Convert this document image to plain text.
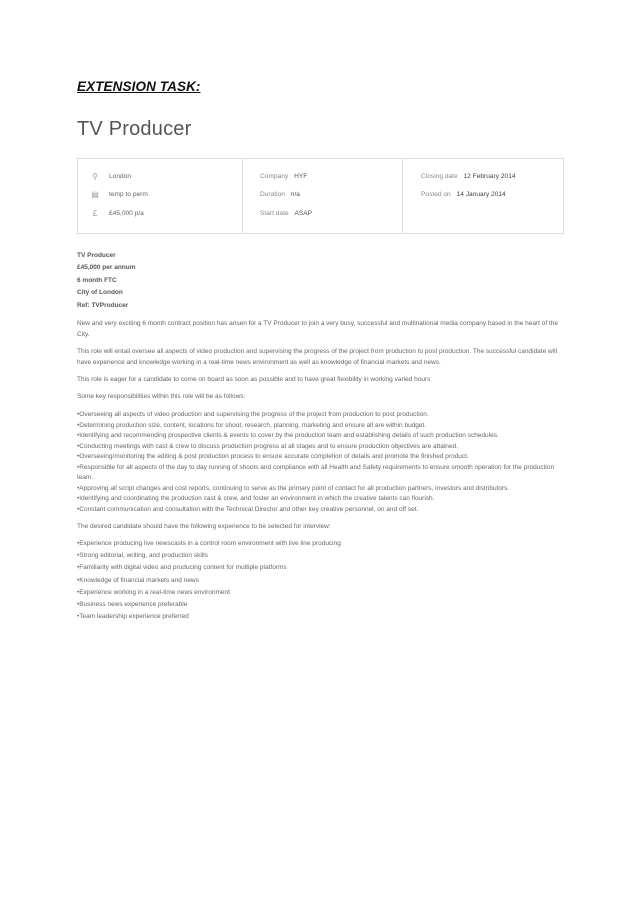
EXTENSION TASK:
TV Producer
⚲	London
▤ temp to perm
£	£45,000 p/a
Company HYF
Duration n/a
Start date ASAP
Closing date 12 February 2014
Posted on 14 January 2014
TV Producer
£45,000 per annum
6 month FTC
City of London
Ref: TVProducer
New and very exciting 6 month contract position has arisen for a TV Producer to join a very busy, successful and multinational media company based in the heart of the City.
This role will entail oversee all aspects of video production and supervising the progress of the project from production to post production. The successful candidate will have experience and knowledge working in a real-time news environment as well as knowledge of financial markets and news.
This role is eager for a candidate to come on board as soon as possible and to have great flexibility in working varied hours
Some key responsibilities within this role will be as follows:
•Overseeing all aspects of video production and supervising the progress of the project from production to post production.
•Determining production size, content, locations for shoot, research, planning, marketing and ensure all are within budget.
•Identifying and recommending prospective clients & events to cover by the production team and establishing details of such production schedules.
•Conducting meetings with cast & crew to discuss production progress at all stages and to ensure production objectives are attained.
•Overseeing/monitoring the editing & post production process to ensure accurate completion of details and promote the finished product.
•Responsible for all aspects of the day to day running of shoots and compliance with all Health and Safety requirements to ensure smooth operation for the production team.
•Approving all script changes and cost reports, continuing to serve as the primary point of contact for all production partners, investors and distributors.
•Identifying and coordinating the production cast & crew, and foster an environment in which the creative talents can flourish.
•Constant communication and consultation with the Technical Director and other key creative personnel, on and off set.
The desired candidate should have the following experience to be selected for interview:
•Experience producing live newscasts in a control room environment with live line producing
•Strong editorial, writing, and production skills
•Familiarity with digital video and producing content for multiple platforms
•Knowledge of financial markets and news
•Experience working in a real-time news environment
•Business news experience preferable
•Team leadership experience preferred
